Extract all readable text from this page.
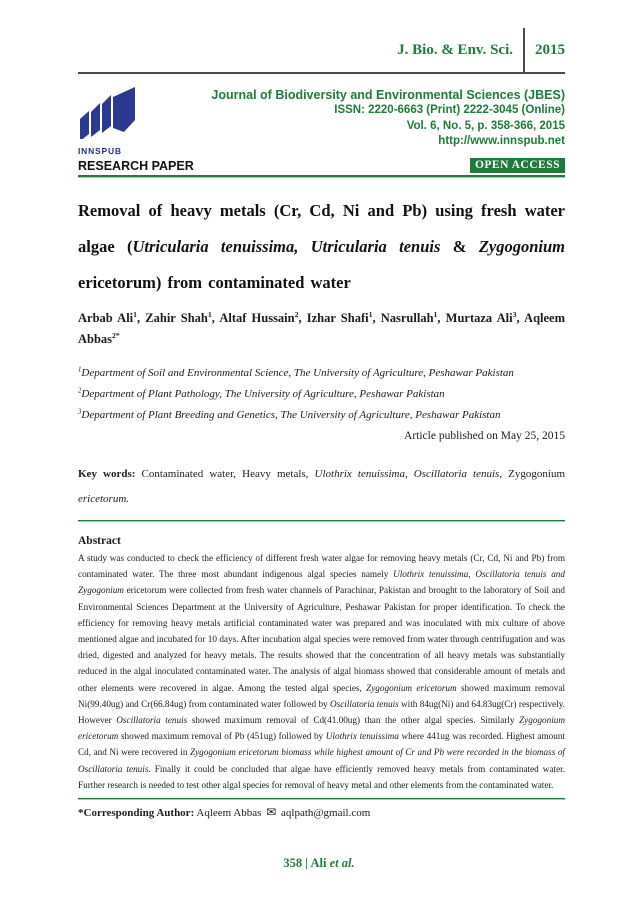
J. Bio. & Env. Sci. 2015
INNSPUB
Journal of Biodiversity and Environmental Sciences (JBES)
ISSN: 2220-6663 (Print) 2222-3045 (Online)
Vol. 6, No. 5, p. 358-366, 2015
http://www.innspub.net
RESEARCH PAPER	OPEN ACCESS
Removal of heavy metals (Cr, Cd, Ni and Pb) using fresh water algae (Utricularia tenuissima, Utricularia tenuis & Zygogonium ericetorum) from contaminated water
Arbab Ali$^1$, Zahir Shah$^1$, Altaf Hussain$^2$, Izhar Shafi$^1$, Nasrullah$^1$, Murtaza Ali$^3$, Aqleem Abbas$^{2*}$
$^1$Department of Soil and Environmental Science, The University of Agriculture, Peshawar Pakistan
$^2$Department of Plant Pathology, The University of Agriculture, Peshawar Pakistan
$^3$Department of Plant Breeding and Genetics, The University of Agriculture, Peshawar Pakistan
Article published on May 25, 2015
Key words: Contaminated water, Heavy metals, Ulothrix tenuissima, Oscillatoria tenuis, Zygogonium ericetorum.
Abstract
A study was conducted to check the efficiency of different fresh water algae for removing heavy metals (Cr, Cd, Ni and Pb) from contaminated water. The three most abundant indigenous algal species namely Ulothrix tenuissima, Oscillatoria tenuis and Zygogonium ericetorum were collected from fresh water channels of Parachinar, Pakistan and brought to the laboratory of Soil and Environmental Sciences Department at the University of Agriculture, Peshawar Pakistan for proper identification. To check the efficiency for removing heavy metals artificial contaminated water was prepared and was inoculated with mix culture of above mentioned algae and incubated for 10 days. After incubation algal species were removed from water through centrifugation and was dried, digested and analyzed for heavy metals. The results showed that the concentration of all heavy metals was substantially reduced in the algal inoculated contaminated water. The analysis of algal biomass showed that considerable amount of metals and other elements were recovered in algae. Among the tested algal species, Zygogonium ericetorum showed maximum removal Ni(99.40ug) and Cr(66.84ug) from contaminated water followed by Oscillatoria tenuis with 84ug(Ni) and 64.83ug(Cr) respectively. However Oscillatoria tenuis showed maximum removal of Cd(41.00ug) than the other algal species. Similarly Zygogonium ericetorum showed maximum removal of Pb (451ug) followed by Ulothrix tenuissima where 441ug was recorded. Highest amount Cd, and Ni were recovered in Zygogonium ericetorum biomass while highest amount of Cr and Pb were recorded in the biomass of Oscillatoria tenuis. Finally it could be concluded that algae have efficiently removed heavy metals from contaminated water. Further research is needed to test other algal species for removal of heavy metal and other elements from the contaminated water.
*Corresponding Author: Aqleem Abbas ✉ aqlpath@gmail.com
358 | Ali et al.
